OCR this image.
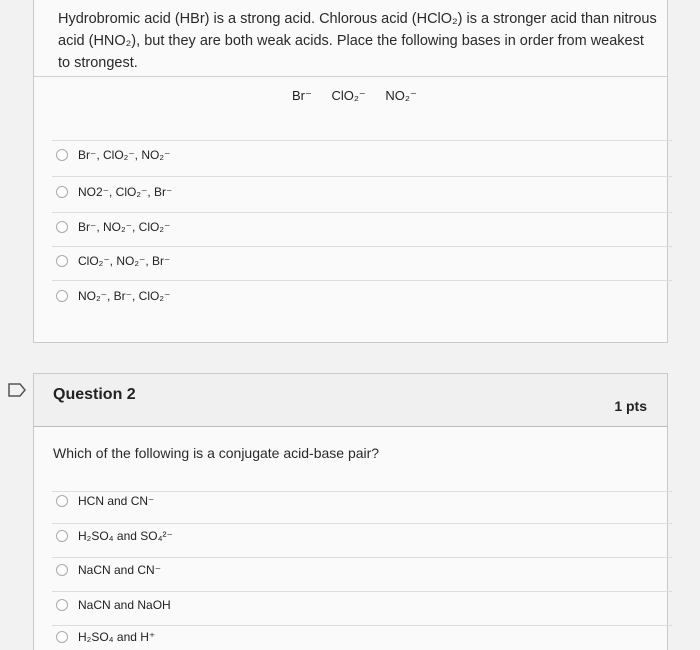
Hydrobromic acid (HBr) is a strong acid. Chlorous acid (HClO₂) is a stronger acid than nitrous acid (HNO₂), but they are both weak acids. Place the following bases in order from weakest to strongest.
Br⁻ ClO₂⁻ NO₂⁻
Br⁻, ClO₂⁻, NO₂⁻
NO2⁻, ClO₂⁻, Br⁻
Br⁻, NO₂⁻, ClO₂⁻
ClO₂⁻, NO₂⁻, Br⁻
NO₂⁻, Br⁻, ClO₂⁻
Question 2
1 pts
Which of the following is a conjugate acid-base pair?
HCN and CN⁻
H₂SO₄ and SO₄²⁻
NaCN and CN⁻
NaCN and NaOH
H₂SO₄ and H⁺
